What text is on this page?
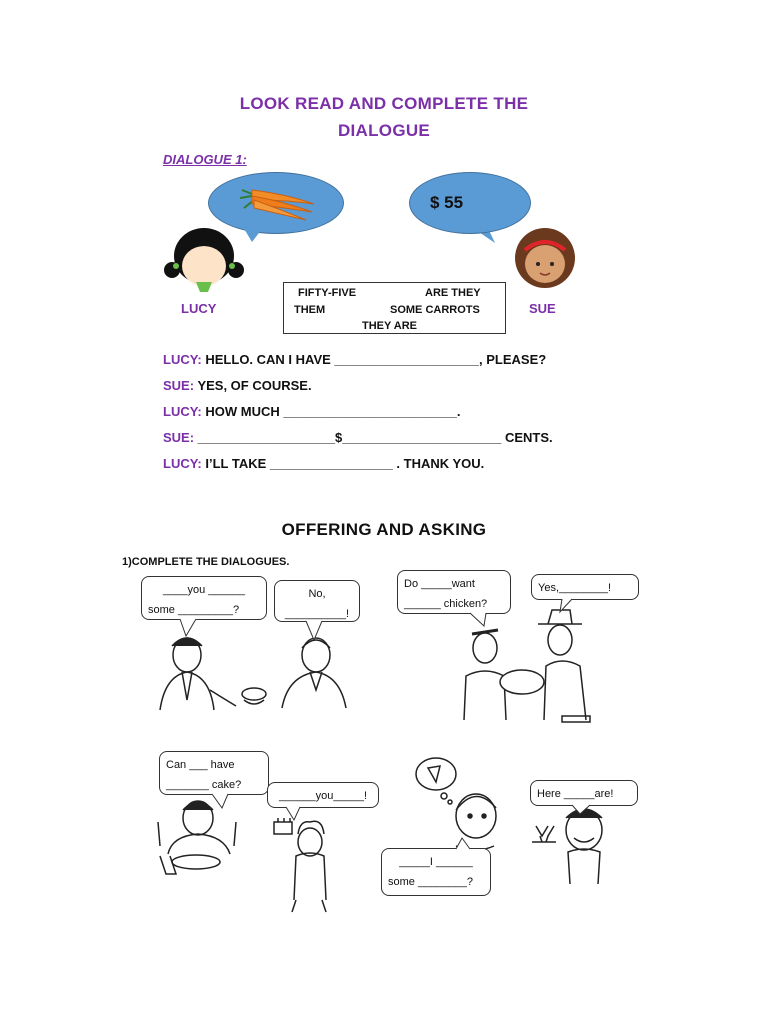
LOOK READ AND COMPLETE THE
DIALOGUE
DIALOGUE 1:
$ 55
LUCY	SUE
FIFTY-FIVE	ARE THEY
THEM	SOME CARROTS
THEY ARE
LUCY: HELLO. CAN I HAVE ____________________, PLEASE?
SUE: YES, OF COURSE.
LUCY: HOW MUCH ________________________.
SUE: ___________________$______________________ CENTS.
LUCY: I’LL TAKE _________________ . THANK YOU.
OFFERING AND ASKING
1)COMPLETE THE DIALOGUES.
____you ______
some _________?
No,
__________!
Do _____want
______ chicken?
Yes,________!
Can ___ have
_______ cake?
______you_____!
_____I ______
some ________?
Here _____are!
